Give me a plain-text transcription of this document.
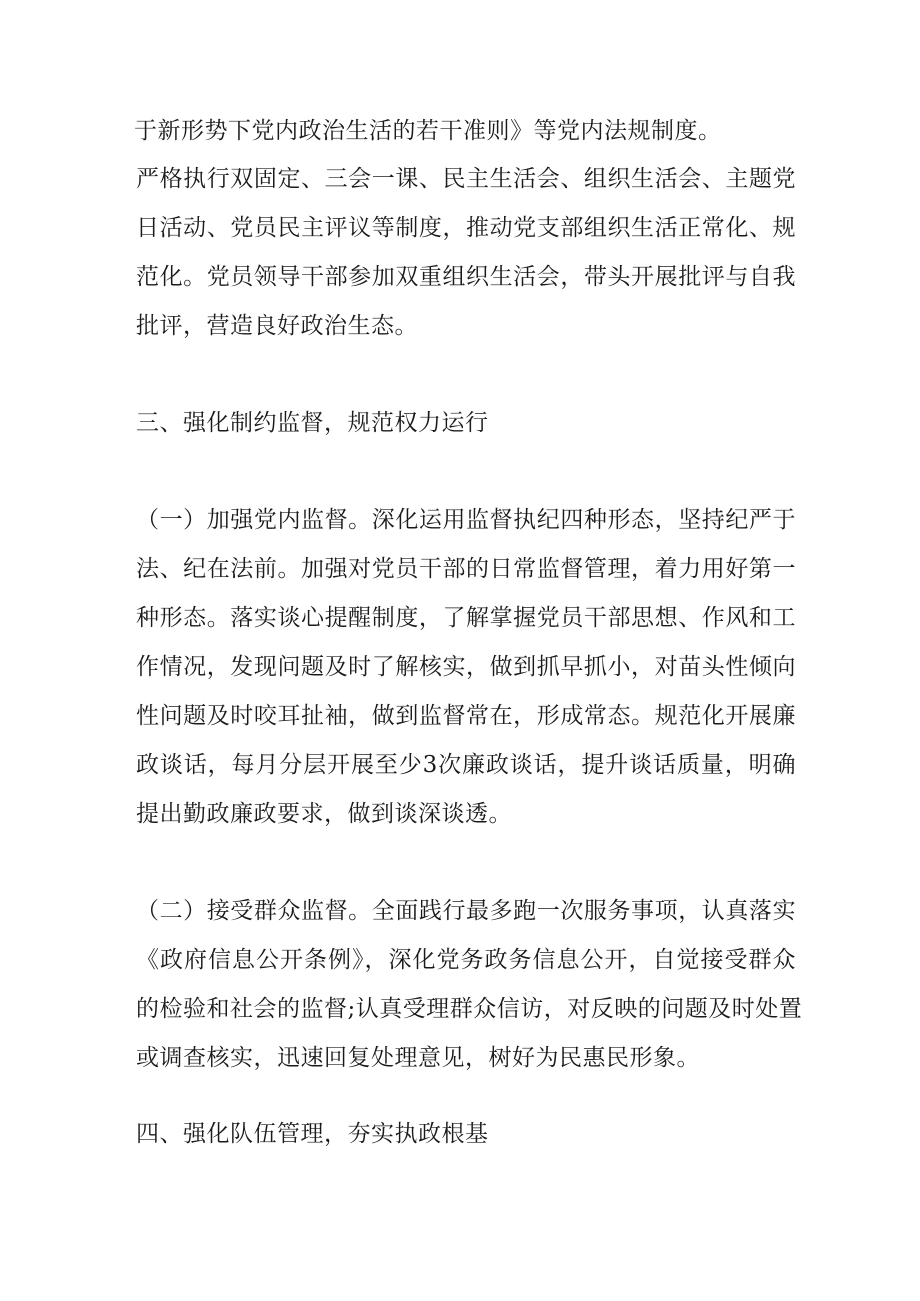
于新形势下党内政治生活的若干准则》等党内法规制度。
严格执行双固定、三会一课、民主生活会、组织生活会、主题党
日活动、党员民主评议等制度，推动党支部组织生活正常化、规
范化。党员领导干部参加双重组织生活会，带头开展批评与自我
批评，营造良好政治生态。
三、强化制约监督，规范权力运行
（一）加强党内监督。深化运用监督执纪四种形态，坚持纪严于
法、纪在法前。加强对党员干部的日常监督管理，着力用好第一
种形态。落实谈心提醒制度，了解掌握党员干部思想、作风和工
作情况，发现问题及时了解核实，做到抓早抓小，对苗头性倾向
性问题及时咬耳扯袖，做到监督常在，形成常态。规范化开展廉
政谈话，每月分层开展至少3次廉政谈话，提升谈话质量，明确
提出勤政廉政要求，做到谈深谈透。
（二）接受群众监督。全面践行最多跑一次服务事项，认真落实
《政府信息公开条例》，深化党务政务信息公开，自觉接受群众
的检验和社会的监督;认真受理群众信访，对反映的问题及时处置
或调查核实，迅速回复处理意见，树好为民惠民形象。
四、强化队伍管理，夯实执政根基
